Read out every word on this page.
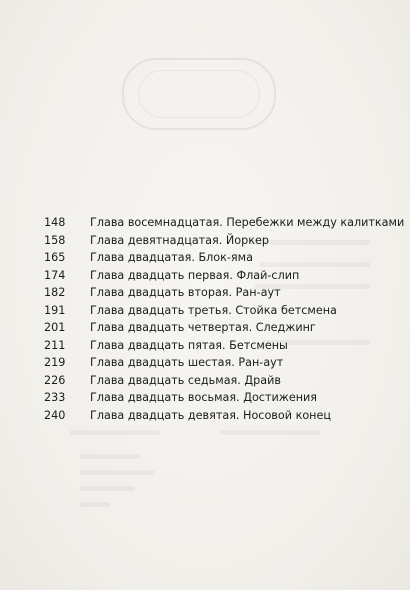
148	Глава восемнадцатая. Перебежки между калитками
158	Глава девятнадцатая. Йоркер
165	Глава двадцатая. Блок-яма
174	Глава двадцать первая. Флай-слип
182	Глава двадцать вторая. Ран-аут
191	Глава двадцать третья. Стойка бетсмена
201	Глава двадцать четвертая. Следжинг
211	Глава двадцать пятая. Бетсмены
219	Глава двадцать шестая. Ран-аут
226	Глава двадцать седьмая. Драйв
233	Глава двадцать восьмая. Достижения
240	Глава двадцать девятая. Носовой конец
